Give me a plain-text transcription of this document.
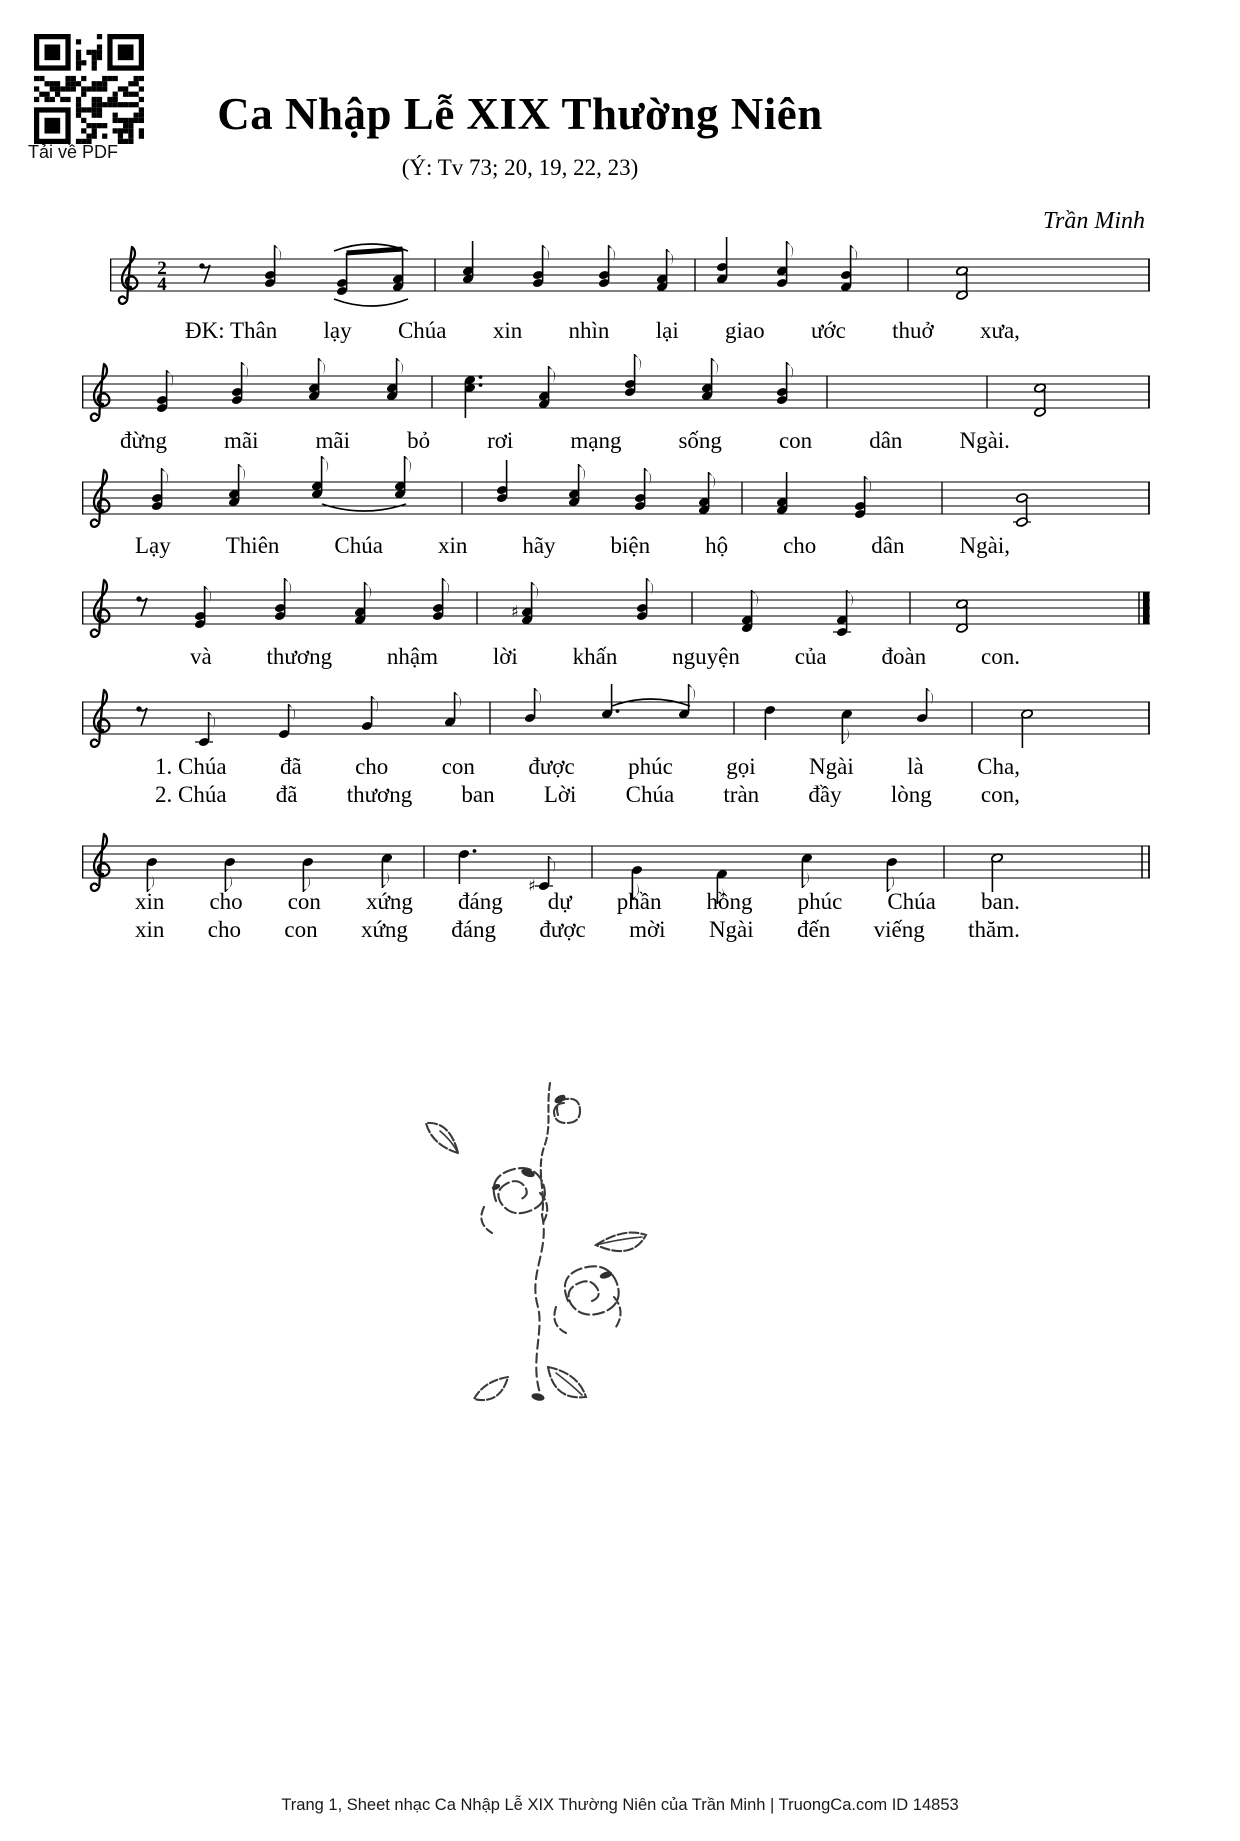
Tải về PDF
Ca Nhập Lễ XIX Thường Niên
(Ý: Tv 73; 20, 19, 22, 23)
Trần Minh
2
4
♯
♯
ĐK: Thân lạy Chúa xin nhìn lại giao ước thuở xưa,
đừng mãi mãi bỏ rơi mạng sống con dân Ngài.
Lạy Thiên Chúa xin hãy biện hộ cho dân Ngài,
và thương nhậm lời khấn nguyện của đoàn con.
1. Chúa đã cho con được phúc gọi Ngài là Cha,
2. Chúa đã thương ban Lời Chúa tràn đầy lòng con,
xin cho con xứng đáng dự phần hồng phúc Chúa ban.
xin cho con xứng đáng được mời Ngài đến viếng thăm.
Trang 1, Sheet nhạc Ca Nhập Lễ XIX Thường Niên của Trần Minh | TruongCa.com ID 14853
